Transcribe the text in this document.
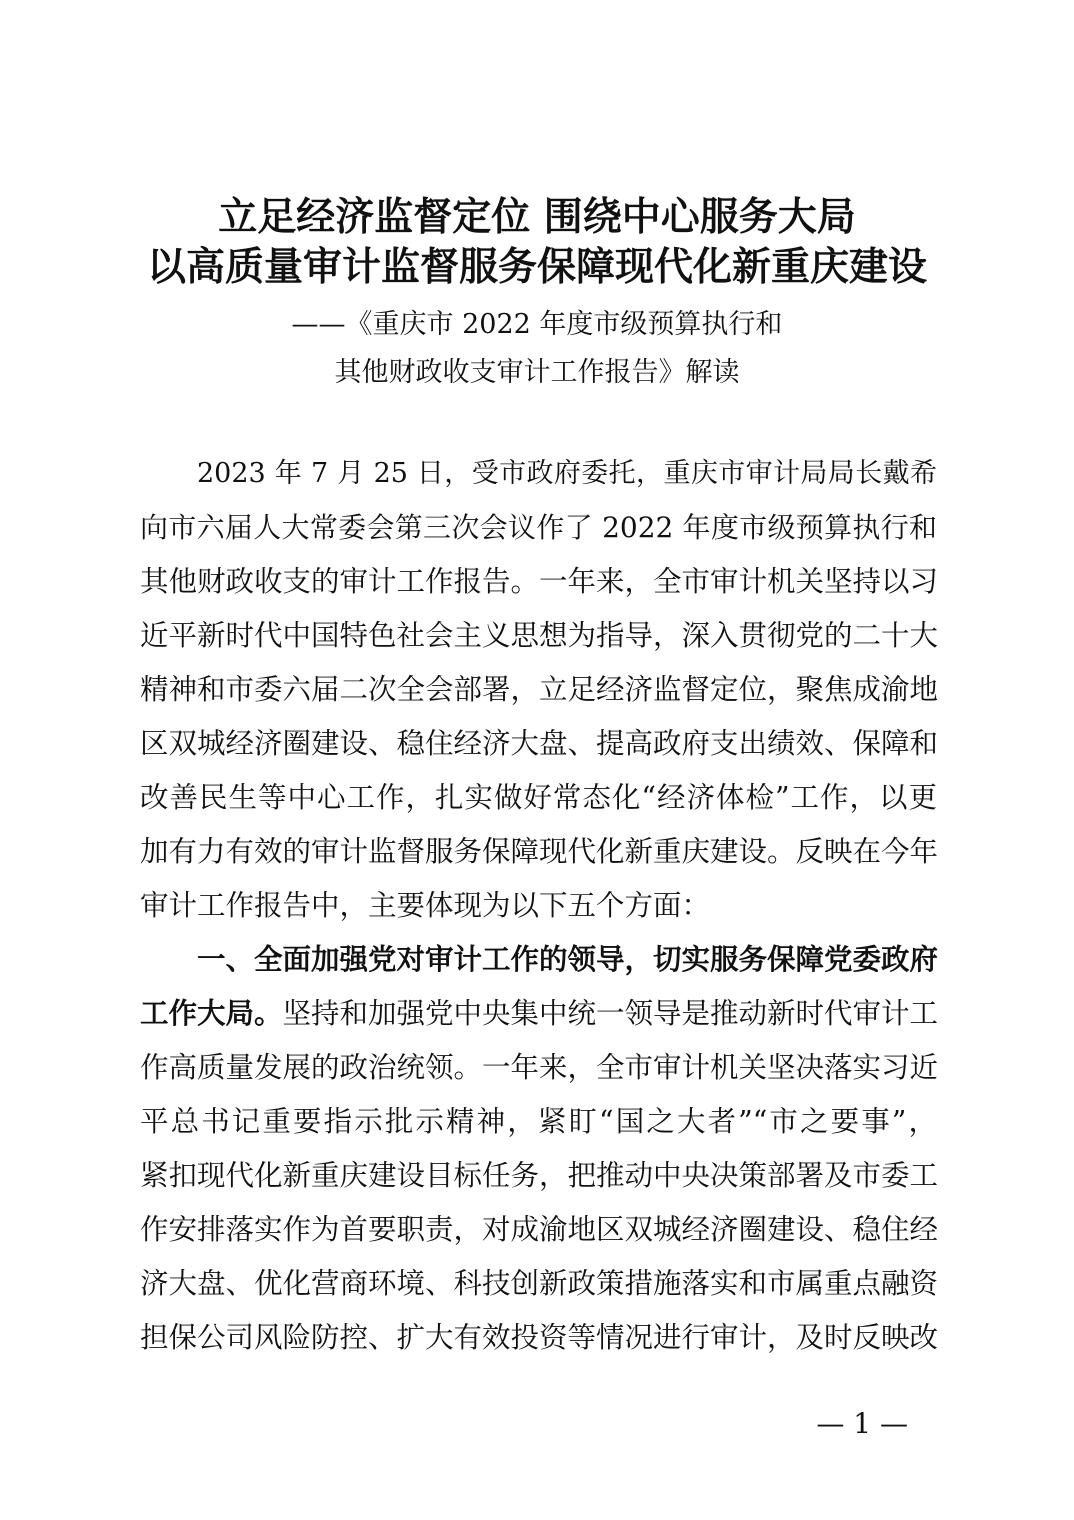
立足经济监督定位 围绕中心服务大局
以高质量审计监督服务保障现代化新重庆建设
——《重庆市 2022 年度市级预算执行和
其他财政收支审计工作报告》解读
2023 年 7 月 25 日，受市政府委托，重庆市审计局局长戴希
向市六届人大常委会第三次会议作了 2022 年度市级预算执行和
其他财政收支的审计工作报告。一年来，全市审计机关坚持以习
近平新时代中国特色社会主义思想为指导，深入贯彻党的二十大
精神和市委六届二次全会部署，立足经济监督定位，聚焦成渝地
区双城经济圈建设、稳住经济大盘、提高政府支出绩效、保障和
改善民生等中心工作，扎实做好常态化“经济体检”工作，以更
加有力有效的审计监督服务保障现代化新重庆建设。反映在今年
审计工作报告中，主要体现为以下五个方面：
一、全面加强党对审计工作的领导，切实服务保障党委政府
工作大局。坚持和加强党中央集中统一领导是推动新时代审计工
作高质量发展的政治统领。一年来，全市审计机关坚决落实习近
平总书记重要指示批示精神，紧盯“国之大者”“市之要事”，
紧扣现代化新重庆建设目标任务，把推动中央决策部署及市委工
作安排落实作为首要职责，对成渝地区双城经济圈建设、稳住经
济大盘、优化营商环境、科技创新政策措施落实和市属重点融资
担保公司风险防控、扩大有效投资等情况进行审计，及时反映改
— 1 —
